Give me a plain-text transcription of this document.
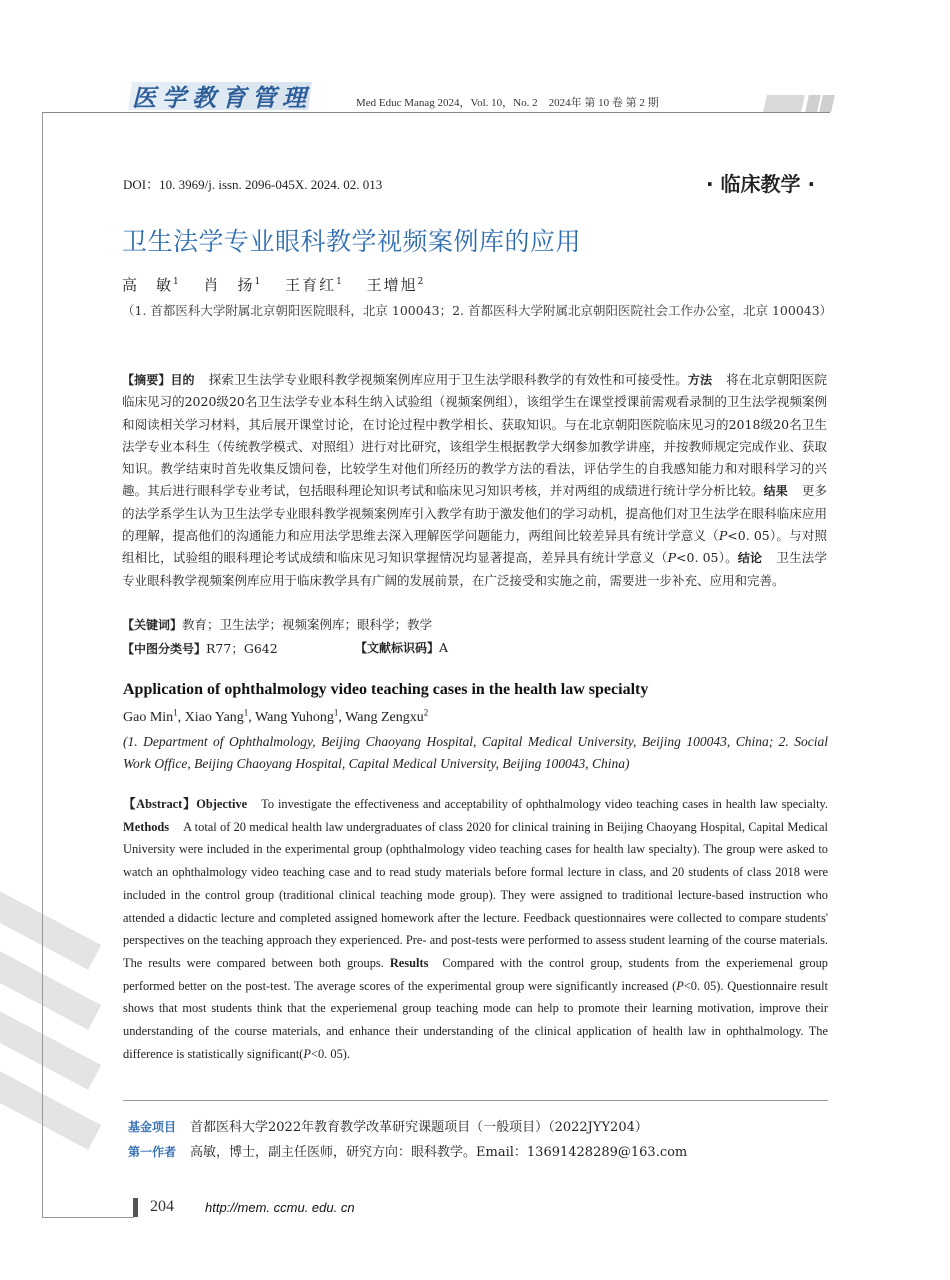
医学教育管理	Med Educ Manag 2024，Vol. 10，No. 2　2024年 第 10 卷 第 2 期
DOI：10. 3969/j. issn. 2096-045X. 2024. 02. 013	· 临床教学 ·
卫生法学专业眼科教学视频案例库的应用
高　敏$^1$ 肖　扬$^1$ 王育红$^1$ 王增旭$^2$
（1. 首都医科大学附属北京朝阳医院眼科，北京 100043；2. 首都医科大学附属北京朝阳医院社会工作办公室，北京 100043）
【摘要】目的 探索卫生法学专业眼科教学视频案例库应用于卫生法学眼科教学的有效性和可接受性。方法 将在北京朝阳医院临床见习的2020级20名卫生法学专业本科生纳入试验组（视频案例组），该组学生在课堂授课前需观看录制的卫生法学视频案例和阅读相关学习材料，其后展开课堂讨论，在讨论过程中教学相长、获取知识。与在北京朝阳医院临床见习的2018级20名卫生法学专业本科生（传统教学模式、对照组）进行对比研究，该组学生根据教学大纲参加教学讲座，并按教师规定完成作业、获取知识。教学结束时首先收集反馈问卷，比较学生对他们所经历的教学方法的看法，评估学生的自我感知能力和对眼科学习的兴趣。其后进行眼科学专业考试，包括眼科理论知识考试和临床见习知识考核，并对两组的成绩进行统计学分析比较。结果 更多的法学系学生认为卫生法学专业眼科教学视频案例库引入教学有助于激发他们的学习动机，提高他们对卫生法学在眼科临床应用的理解，提高他们的沟通能力和应用法学思维去深入理解医学问题能力，两组间比较差异具有统计学意义（P<0. 05）。与对照组相比，试验组的眼科理论考试成绩和临床见习知识掌握情况均显著提高，差异具有统计学意义（P<0. 05）。结论 卫生法学专业眼科教学视频案例库应用于临床教学具有广阔的发展前景，在广泛接受和实施之前，需要进一步补充、应用和完善。
【关键词】教育；卫生法学；视频案例库；眼科学；教学
【中图分类号】R77；G642	【文献标识码】A
Application of ophthalmology video teaching cases in the health law specialty
Gao Min$^1$, Xiao Yang$^1$, Wang Yuhong$^1$, Wang Zengxu$^2$
(1. Department of Ophthalmology, Beijing Chaoyang Hospital, Capital Medical University, Beijing 100043, China; 2. Social Work Office, Beijing Chaoyang Hospital, Capital Medical University, Beijing 100043, China)
【Abstract】Objective To investigate the effectiveness and acceptability of ophthalmology video teaching cases in health law specialty. Methods A total of 20 medical health law undergraduates of class 2020 for clinical training in Beijing Chaoyang Hospital, Capital Medical University were included in the experimental group (ophthalmology video teaching cases for health law specialty). The group were asked to watch an ophthalmology video teaching case and to read study materials before formal lecture in class, and 20 students of class 2018 were included in the control group (traditional clinical teaching mode group). They were assigned to traditional lecture-based instruction who attended a didactic lecture and completed assigned homework after the lecture. Feedback questionnaires were collected to compare students' perspectives on the teaching approach they experienced. Pre- and post-tests were performed to assess student learning of the course materials. The results were compared between both groups. Results Compared with the control group, students from the experiemenal group performed better on the post-test. The average scores of the experimental group were significantly increased (P<0. 05). Questionnaire result shows that most students think that the experiemenal group teaching mode can help to promote their learning motivation, improve their understanding of the course materials, and enhance their understanding of the clinical application of health law in ophthalmology. The difference is statistically significant(P<0. 05).
基金项目 首都医科大学2022年教育教学改革研究课题项目（一般项目）（2022JYY204）
第一作者 高敏，博士，副主任医师，研究方向：眼科教学。Email：13691428289@163.com
204 http://mem. ccmu. edu. cn
